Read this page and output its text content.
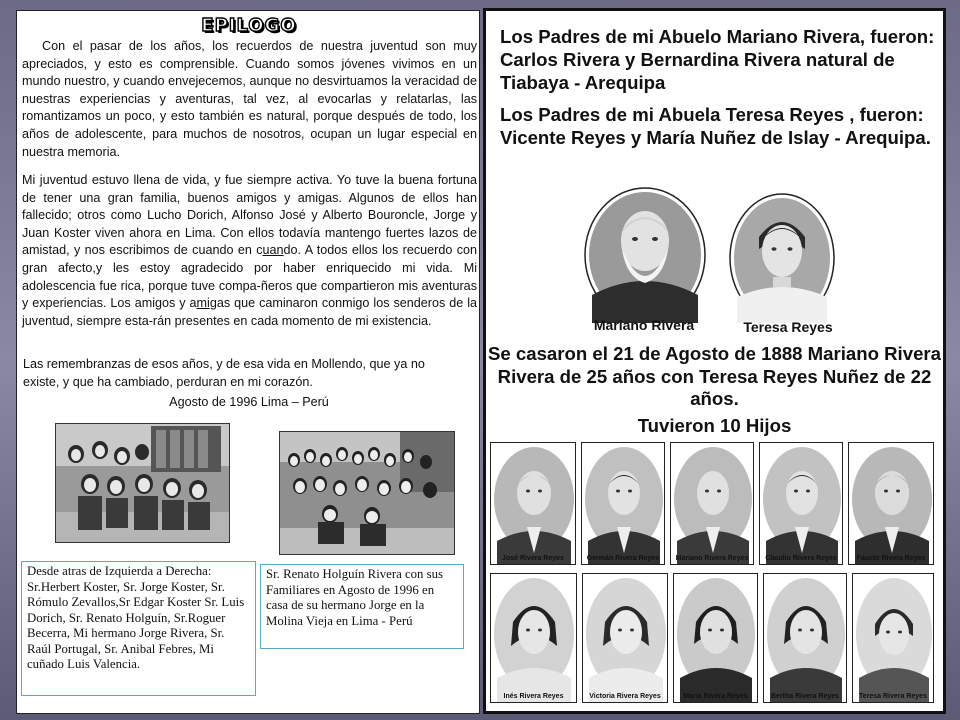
EPILOGO

Con el pasar de los años, los recuerdos de nuestra juventud son muy apreciados, y esto es comprensible. Cuando somos jóvenes vivimos en un mundo nuestro, y cuando envejecemos, aunque no desvirtuamos la veracidad de nuestras experiencias y aventuras, tal vez, al evocarlas y relatarlas, las romantizamos un poco, y esto también es natural, porque después de todo, los años de adolescente, para muchos de nosotros, ocupan un lugar especial en nuestra memoria.

Mi juventud estuvo llena de vida, y fue siempre activa. Yo tuve la buena fortuna de tener una gran familia, buenos amigos y amigas. Algunos de ellos han fallecido; otros como Lucho Dorich, Alfonso José y Alberto Bouroncle, Jorge y Juan Koster viven ahora en Lima. Con ellos todavía mantengo fuertes lazos de amistad, y nos escribimos de cuando en cuando. A todos ellos los recuerdo con gran afecto,y les estoy agradecido por haber enriquecido mi vida. Mi adolescencia fue rica, porque tuve compa-ñeros que compartieron mis aventuras y experiencias. Los amigos y amigas que caminaron conmigo los senderos de la juventud, siempre esta-rán presentes en cada momento de mi existencia.

Las remembranzas de esos años, y de esa vida en Mollendo, que ya no existe, y que ha cambiado, perduran en mi corazón.

Agosto de 1996 Lima – Perú
Desde atras de Izquierda a Derecha: Sr.Herbert Koster, Sr. Jorge Koster, Sr. Rómulo Zevallos,Sr Edgar Koster Sr. Luis Dorich, Sr. Renato Holguín, Sr.Roguer Becerra, Mi hermano Jorge Rivera, Sr. Raúl Portugal, Sr. Anibal Febres, Mi cuñado Luis Valencia.
Sr. Renato Holguín Rivera con sus Familiares en Agosto de 1996 en casa de su hermano Jorge en la Molina Vieja en Lima - Perú

Los Padres de mi Abuelo Mariano Rivera, fueron: Carlos Rivera y Bernardina Rivera natural de Tiabaya - Arequipa

Los Padres de mi Abuela Teresa Reyes , fueron: Vicente Reyes y María Nuñez de Islay - Arequipa.

Mariano Rivera	Teresa Reyes

Se casaron el 21 de Agosto de 1888 Mariano Rivera Rivera de 25 años con Teresa Reyes Nuñez de 22 años.

Tuvieron 10 Hijos

José Rivera Reyes	Germán Rivera Reyes	Mariano Rivera Reyes	Claudio Rivera Reyes	Fausto Rivera Reyes
Inés Rivera Reyes	Victoria Rivera Reyes	María Rivera Reyes	Bertha Rivera Reyes	Teresa Rivera Reyes
